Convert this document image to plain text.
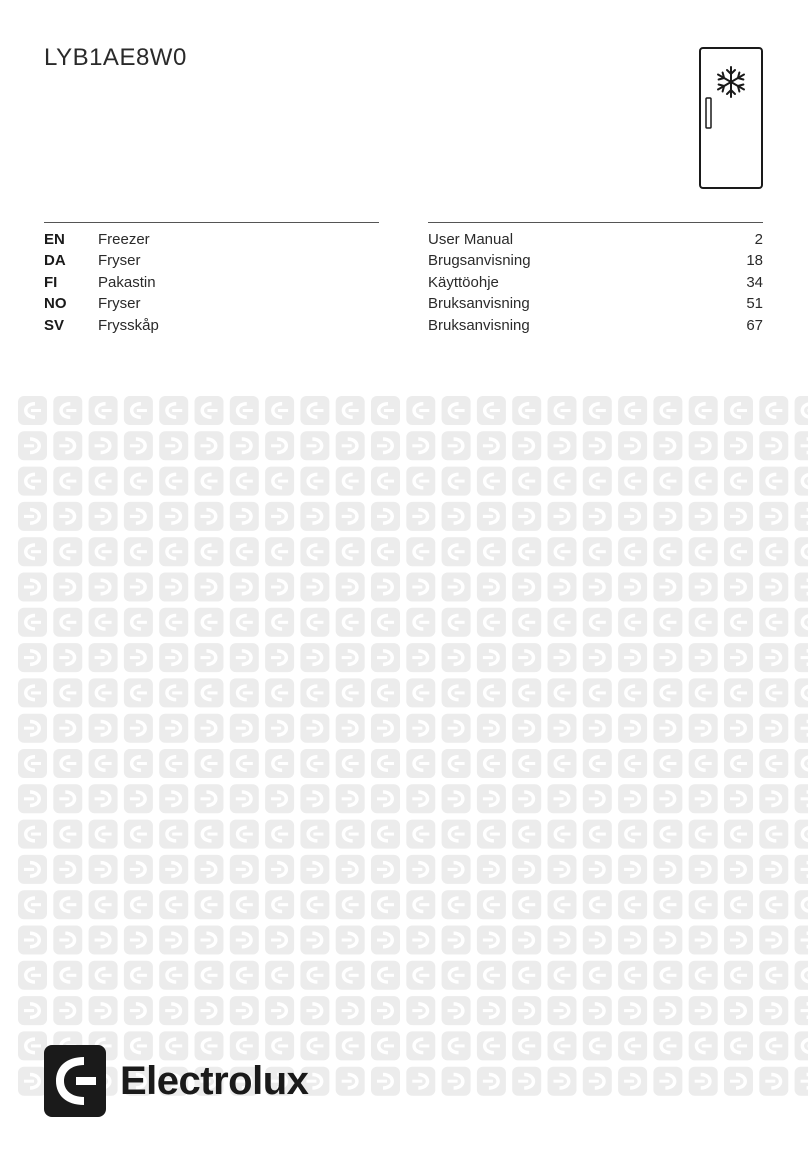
LYB1AE8W0
EN Freezer	User Manual	2
DA Fryser	Brugsanvisning	18
FI	Pakastin	Käyttöohje	34
NO Fryser	Bruksanvisning	51
SV Frysskåp	Bruksanvisning	67
Electrolux
